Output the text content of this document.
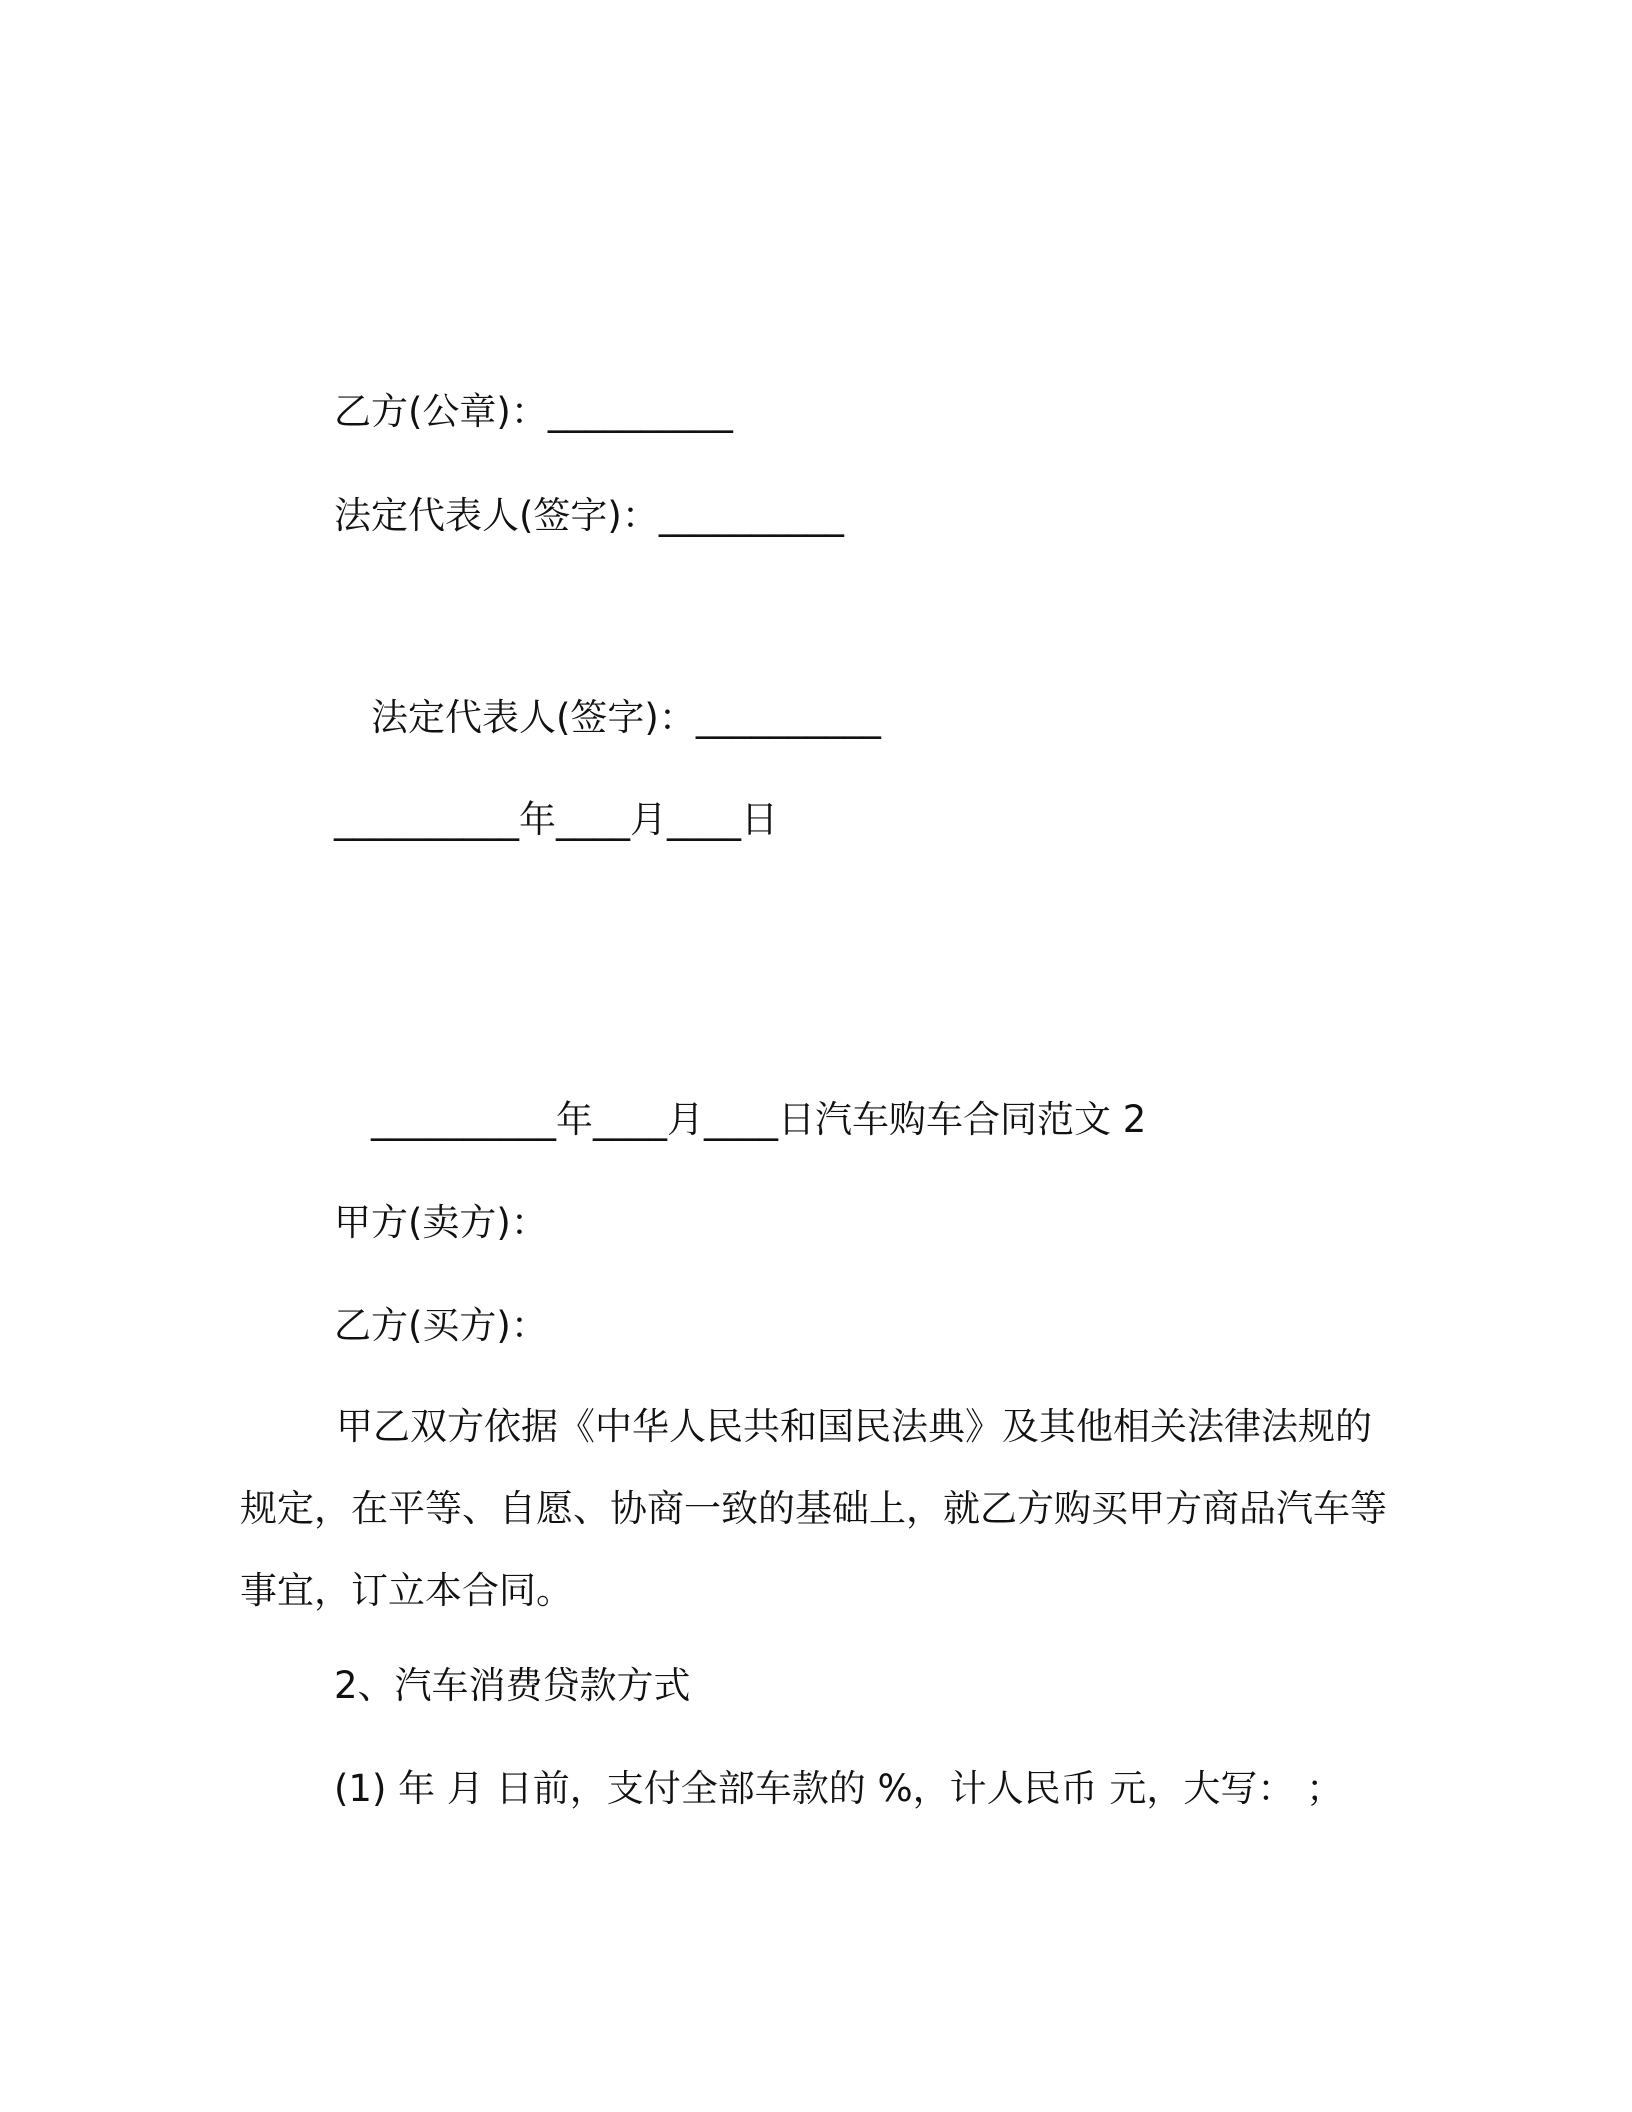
乙方(公章)：__________
法定代表人(签字)：__________
法定代表人(签字)：__________
__________年____月____日
__________年____月____日汽车购车合同范文 2
甲方(卖方)：
乙方(买方)：
甲乙双方依据《中华人民共和国民法典》及其他相关法律法规的规定，在平等、自愿、协商一致的基础上，就乙方购买甲方商品汽车等事宜，订立本合同。
2、汽车消费贷款方式
(1) 年 月 日前，支付全部车款的 %，计人民币 元，大写： ；
